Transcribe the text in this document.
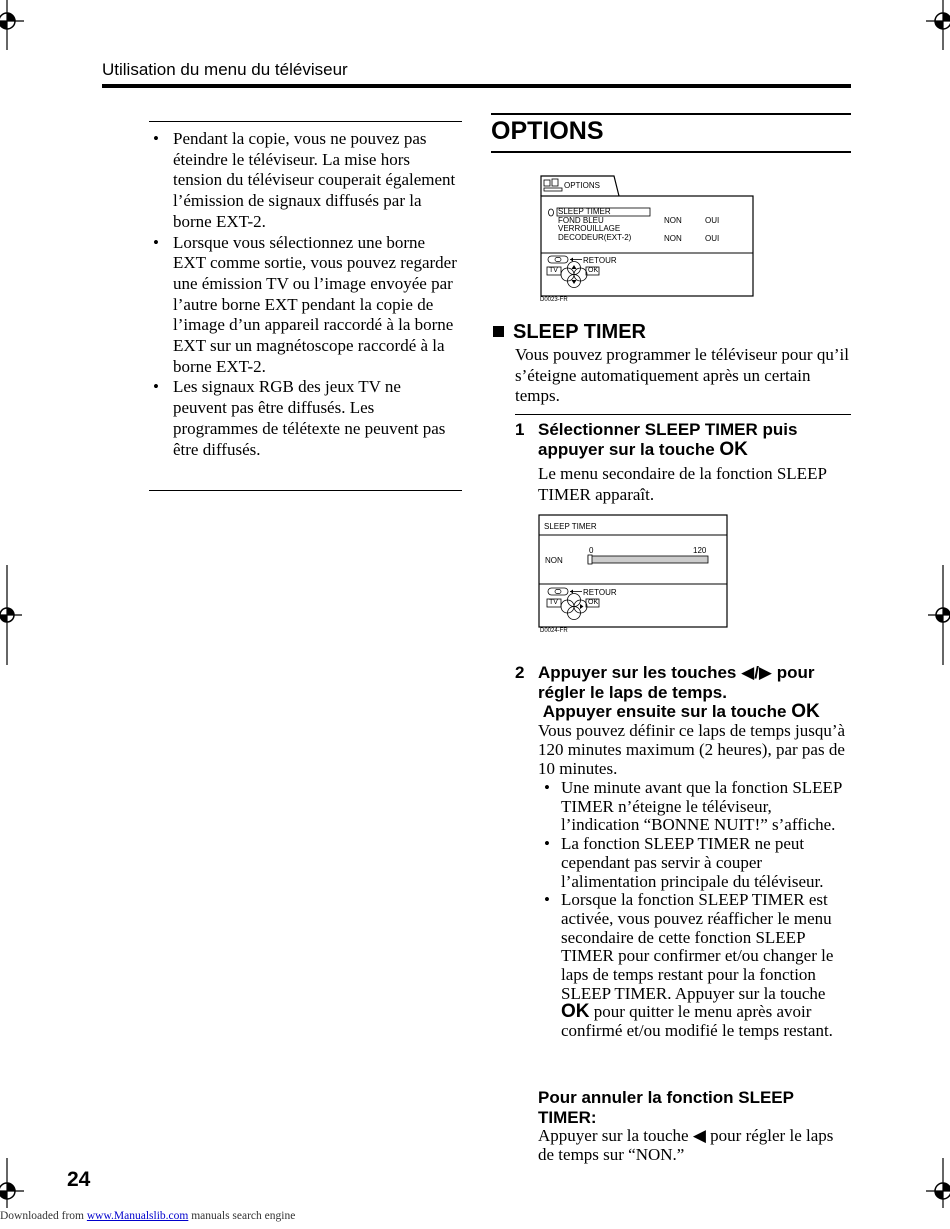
Utilisation du menu du téléviseur
• Pendant la copie, vous ne pouvez pas éteindre le téléviseur. La mise hors tension du téléviseur couperait également l’émission de signaux diffusés par la borne EXT-2.
• Lorsque vous sélectionnez une borne EXT comme sortie, vous pouvez regarder une émission TV ou l’image envoyée par l’autre borne EXT pendant la copie de l’image d’un appareil raccordé à la borne EXT sur un magnétoscope raccordé à la borne EXT-2.
• Les signaux RGB des jeux TV ne peuvent pas être diffusés. Les programmes de télétexte ne peuvent pas être diffusés.
OPTIONS
OPTIONS
SLEEP TIMER
FOND BLEU
VERROUILLAGE
DECODEUR(EXT-2)
NON	OUI
NON	OUI
RETOUR
TV	OK
D0023-FR
SLEEP TIMER
Vous pouvez programmer le téléviseur pour qu’il s’éteigne automatiquement après un certain temps.
1 Sélectionner SLEEP TIMER puis appuyer sur la touche OK
Le menu secondaire de la fonction SLEEP TIMER apparaît.
SLEEP TIMER
0	120
NON
RETOUR
TV	OK
D0024-FR
2 Appuyer sur les touches ◀/▶ pour régler le laps de temps.
Appuyer ensuite sur la touche OK
Vous pouvez définir ce laps de temps jusqu’à 120 minutes maximum (2 heures), par pas de 10 minutes.
• Une minute avant que la fonction SLEEP TIMER n’éteigne le téléviseur, l’indication “BONNE NUIT!” s’affiche.
• La fonction SLEEP TIMER ne peut cependant pas servir à couper l’alimentation principale du téléviseur.
• Lorsque la fonction SLEEP TIMER est activée, vous pouvez réafficher le menu secondaire de cette fonction SLEEP TIMER pour confirmer et/ou changer le laps de temps restant pour la fonction SLEEP TIMER. Appuyer sur la touche OK pour quitter le menu après avoir confirmé et/ou modifié le temps restant.
Pour annuler la fonction SLEEP TIMER:
Appuyer sur la touche ◀ pour régler le laps de temps sur “NON.”
24
Downloaded from www.Manualslib.com manuals search engine
